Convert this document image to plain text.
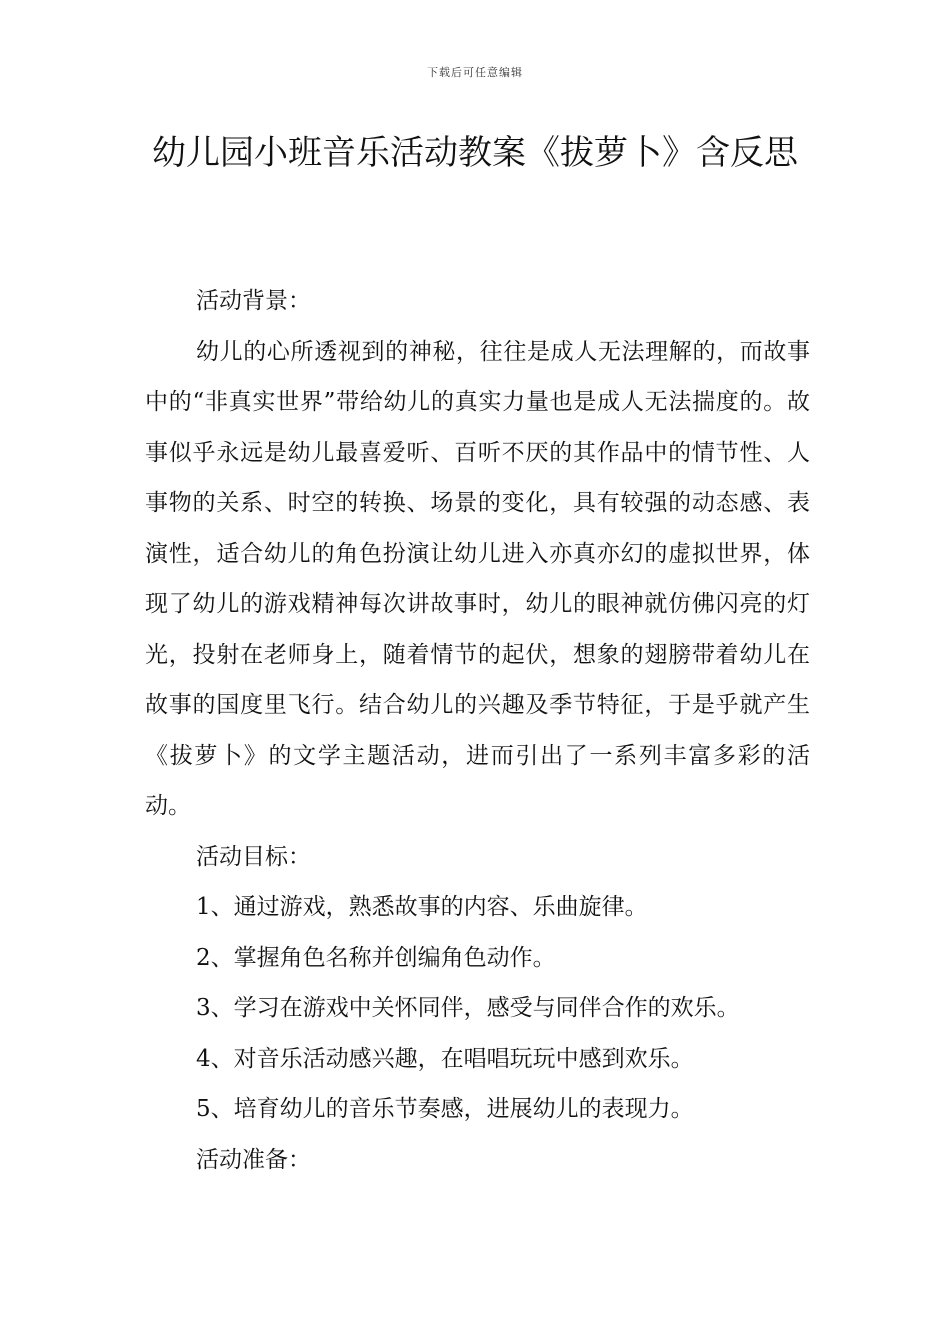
下载后可任意编辑
幼儿园小班音乐活动教案《拔萝卜》含反思

活动背景：

幼儿的心所透视到的神秘，往往是成人无法理解的，而故事中的“非真实世界”带给幼儿的真实力量也是成人无法揣度的。故事似乎永远是幼儿最喜爱听、百听不厌的其作品中的情节性、人事物的关系、时空的转换、场景的变化，具有较强的动态感、表演性，适合幼儿的角色扮演让幼儿进入亦真亦幻的虚拟世界，体现了幼儿的游戏精神每次讲故事时，幼儿的眼神就仿佛闪亮的灯光，投射在老师身上，随着情节的起伏，想象的翅膀带着幼儿在故事的国度里飞行。结合幼儿的兴趣及季节特征，于是乎就产生《拔萝卜》的文学主题活动，进而引出了一系列丰富多彩的活动。

活动目标：

1、通过游戏，熟悉故事的内容、乐曲旋律。

2、掌握角色名称并创编角色动作。

3、学习在游戏中关怀同伴，感受与同伴合作的欢乐。

4、对音乐活动感兴趣，在唱唱玩玩中感到欢乐。

5、培育幼儿的音乐节奏感，进展幼儿的表现力。

活动准备：
